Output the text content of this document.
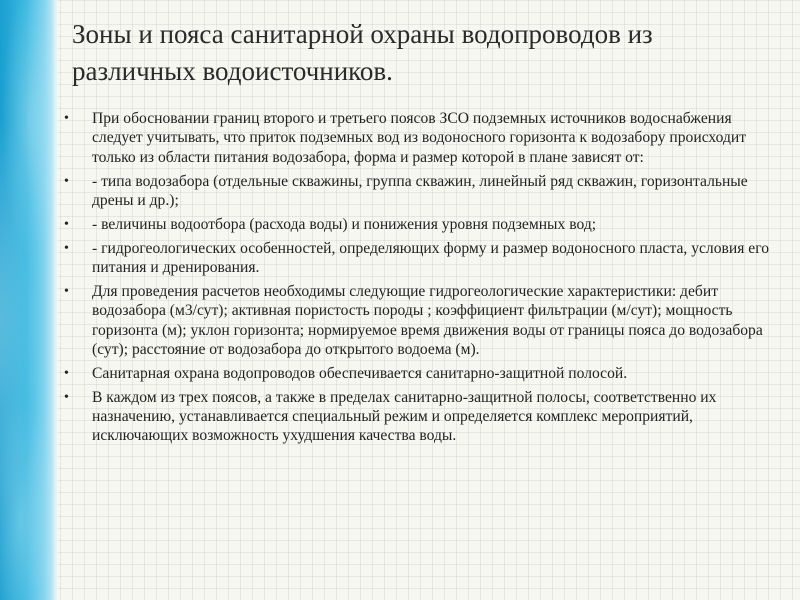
Зоны и пояса санитарной охраны водопроводов из
различных водоисточников.
• При обосновании границ второго и третьего поясов ЗСО подземных источников водоснабжения следует учитывать, что приток подземных вод из водоносного горизонта к водозабору происходит только из области питания водозабора, форма и размер которой в плане зависят от:
• - типа водозабора (отдельные скважины, группа скважин, линейный ряд скважин, горизонтальные дрены и др.);
• - величины водоотбора (расхода воды) и понижения уровня подземных вод;
• - гидрогеологических особенностей, определяющих форму и размер водоносного пласта, условия его питания и дренирования.
• Для проведения расчетов необходимы следующие гидрогеологические характеристики: дебит водозабора (м3/сут); активная пористость породы ; коэффициент фильтрации (м/сут); мощность горизонта (м); уклон горизонта; нормируемое время движения воды от границы пояса до водозабора (сут); расстояние от водозабора до открытого водоема (м).
• Санитарная охрана водопроводов обеспечивается санитарно-защитной полосой.
• В каждом из трех поясов, а также в пределах санитарно-защитной полосы, соответственно их назначению, устанавливается специальный режим и определяется комплекс мероприятий, исключающих возможность ухудшения качества воды.
